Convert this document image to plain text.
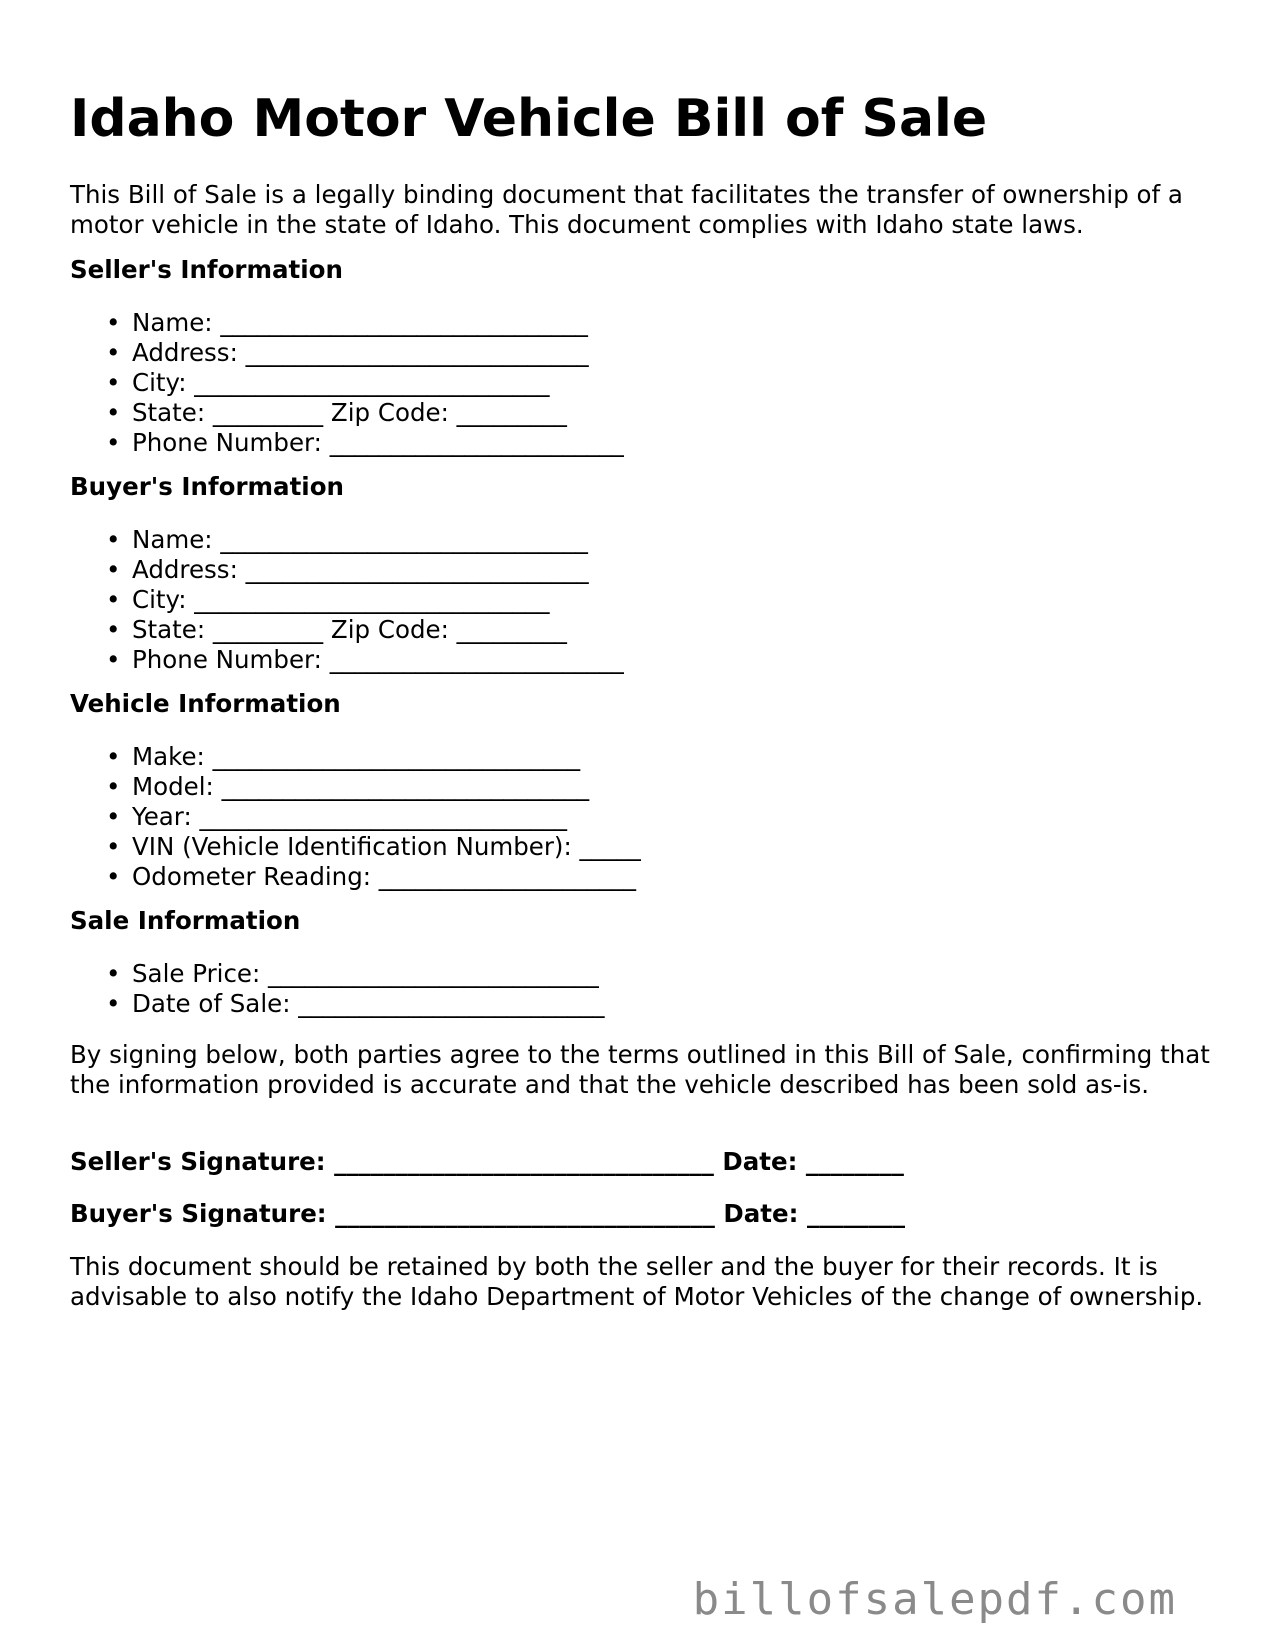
Idaho Motor Vehicle Bill of Sale

This Bill of Sale is a legally binding document that facilitates the transfer of ownership of a motor vehicle in the state of Idaho. This document complies with Idaho state laws.

Seller's Information
• Name: ______________________________
• Address: ____________________________
• City: _____________________________
• State: _________ Zip Code: _________
• Phone Number: ________________________
Buyer's Information
• Name: ______________________________
• Address: ____________________________
• City: _____________________________
• State: _________ Zip Code: _________
• Phone Number: ________________________
Vehicle Information
• Make: ______________________________
• Model: ______________________________
• Year: ______________________________
• VIN (Vehicle Identification Number): _____
• Odometer Reading: _____________________
Sale Information
• Sale Price: ___________________________
• Date of Sale: _________________________

By signing below, both parties agree to the terms outlined in this Bill of Sale, confirming that the information provided is accurate and that the vehicle described has been sold as-is.

Seller's Signature: _______________________________ Date: ________

Buyer's Signature: _______________________________ Date: ________

This document should be retained by both the seller and the buyer for their records. It is advisable to also notify the Idaho Department of Motor Vehicles of the change of ownership.

billofsalepdf.com
